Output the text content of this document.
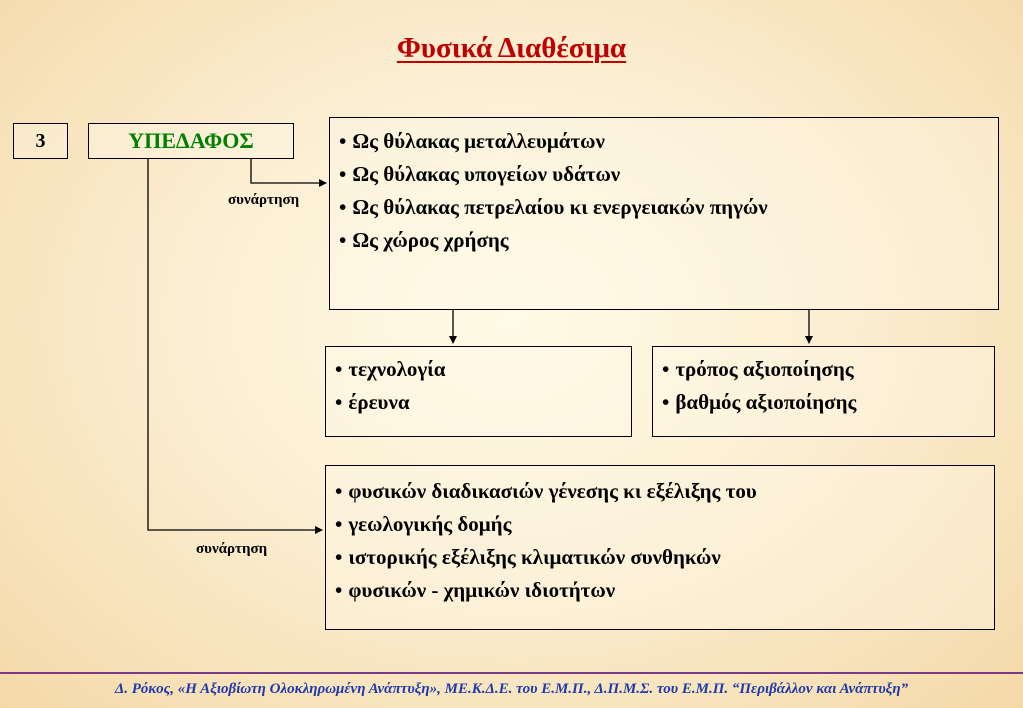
Φυσικά Διαθέσιμα
3	ΥΠΕΔΑΦΟΣ
συνάρτηση
συνάρτηση
• Ως θύλακας μεταλλευμάτων
• Ως θύλακας υπογείων υδάτων
• Ως θύλακας πετρελαίου κι ενεργειακών πηγών
• Ως χώρος χρήσης
• τεχνολογία
• έρευνα
• τρόπος αξιοποίησης
• βαθμός αξιοποίησης
• φυσικών διαδικασιών γένεσης κι εξέλιξης του
• γεωλογικής δομής
• ιστορικής εξέλιξης κλιματικών συνθηκών
• φυσικών - χημικών ιδιοτήτων
Δ. Ρόκος, «Η Αξιοβίωτη Ολοκληρωμένη Ανάπτυξη», ΜΕ.Κ.Δ.Ε. του Ε.Μ.Π., Δ.Π.Μ.Σ. του Ε.Μ.Π. “Περιβάλλον και Ανάπτυξη”
